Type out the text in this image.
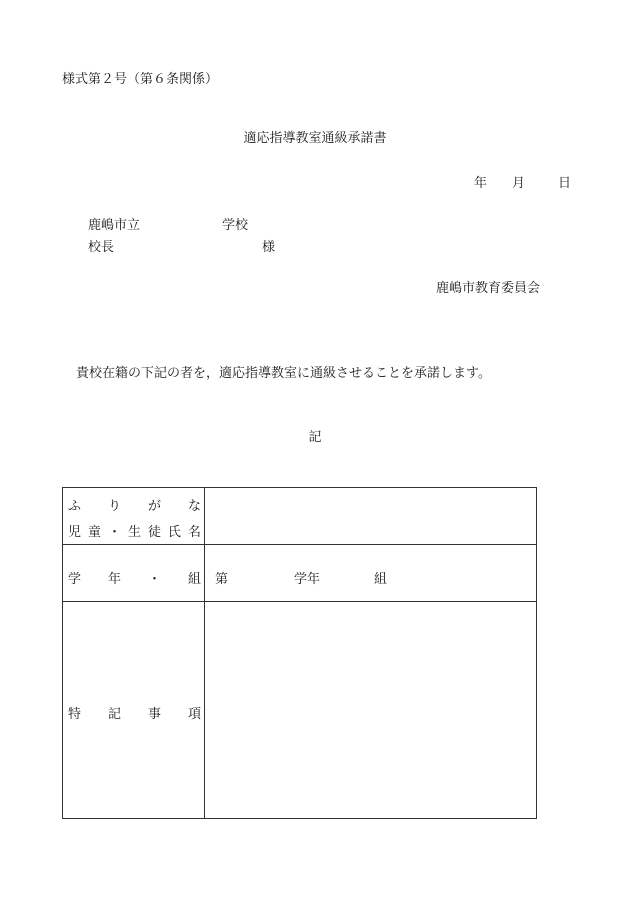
様式第２号（第６条関係）
適応指導教室通級承諾書
年 月	日
鹿嶋市立	学校
校長	様
鹿嶋市教育委員会
貴校在籍の下記の者を，適応指導教室に通級させることを承諾します。
記
ふ り が な
児 童 ・ 生 徒 氏 名
学 年 ・ 組 第	学年	組
特 記 事 項
